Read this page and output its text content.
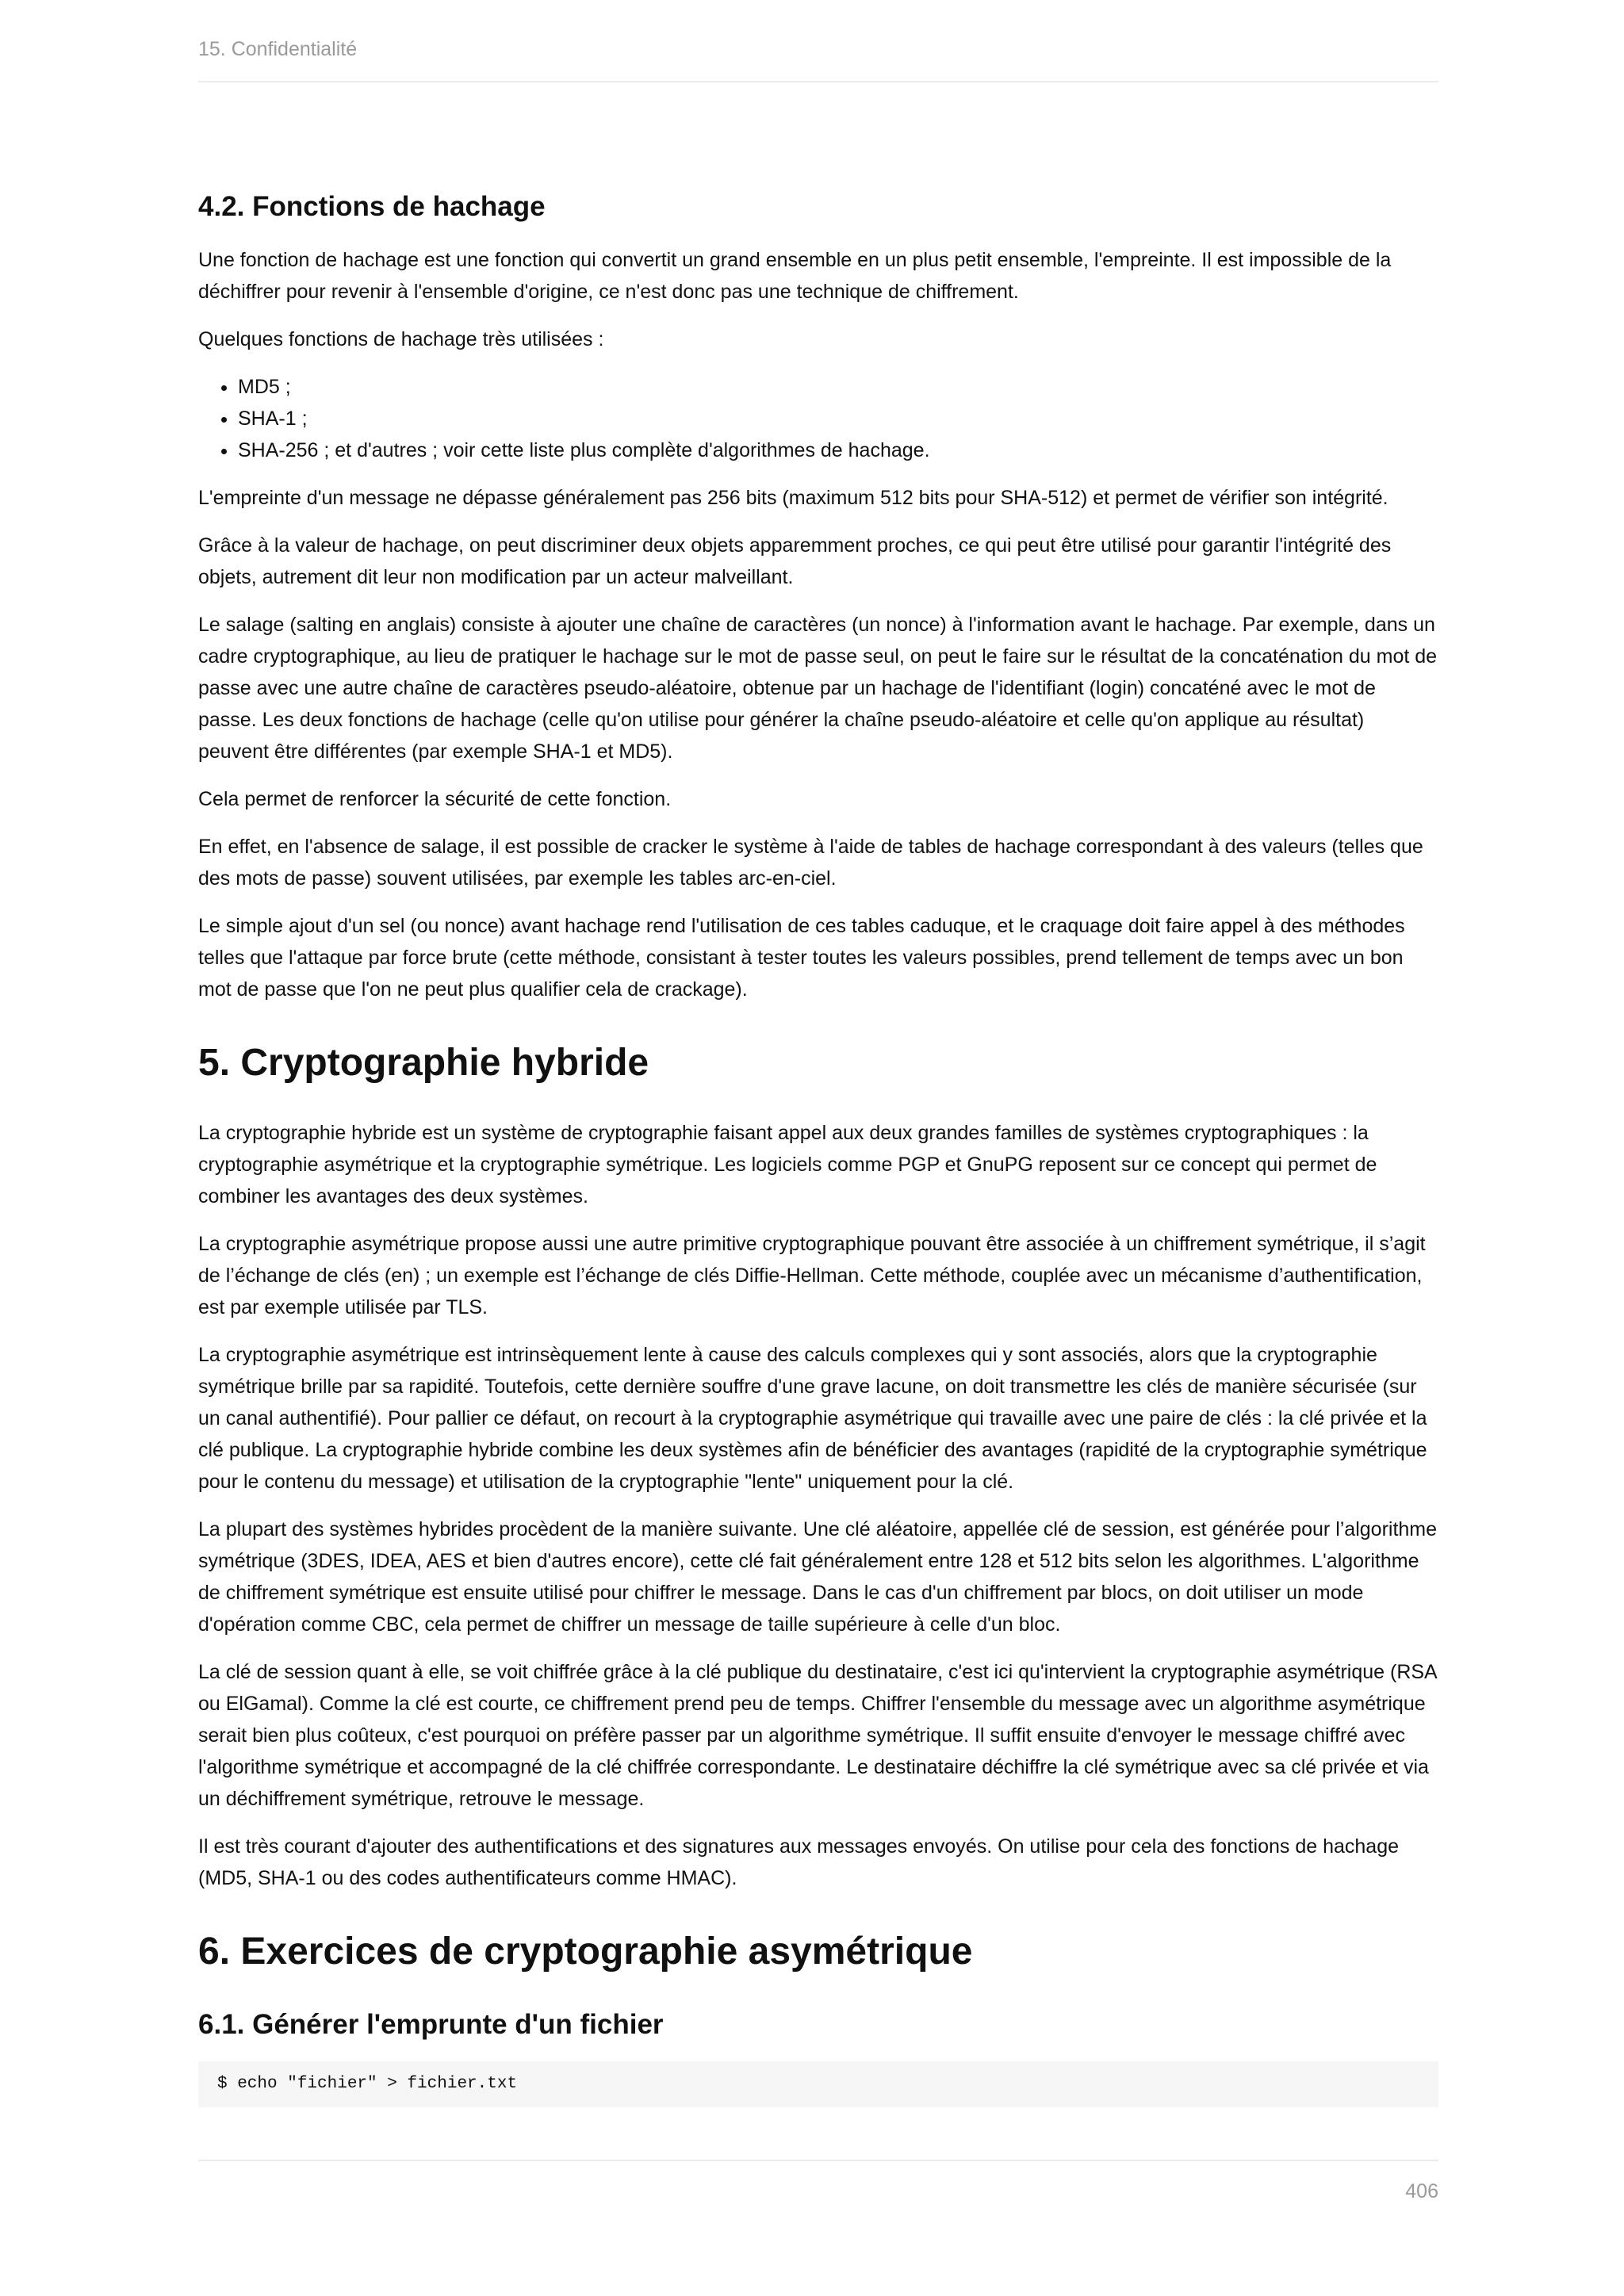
15. Confidentialité
4.2. Fonctions de hachage

Une fonction de hachage est une fonction qui convertit un grand ensemble en un plus petit ensemble, l'empreinte. Il est impossible de la déchiffrer pour revenir à l'ensemble d'origine, ce n'est donc pas une technique de chiffrement.

Quelques fonctions de hachage très utilisées :

• MD5 ;
• SHA-1 ;
• SHA-256 ; et d'autres ; voir cette liste plus complète d'algorithmes de hachage.

L'empreinte d'un message ne dépasse généralement pas 256 bits (maximum 512 bits pour SHA-512) et permet de vérifier son intégrité.

Grâce à la valeur de hachage, on peut discriminer deux objets apparemment proches, ce qui peut être utilisé pour garantir l'intégrité des objets, autrement dit leur non modification par un acteur malveillant.

Le salage (salting en anglais) consiste à ajouter une chaîne de caractères (un nonce) à l'information avant le hachage. Par exemple, dans un cadre cryptographique, au lieu de pratiquer le hachage sur le mot de passe seul, on peut le faire sur le résultat de la concaténation du mot de passe avec une autre chaîne de caractères pseudo-aléatoire, obtenue par un hachage de l'identifiant (login) concaténé avec le mot de passe. Les deux fonctions de hachage (celle qu'on utilise pour générer la chaîne pseudo-aléatoire et celle qu'on applique au résultat) peuvent être différentes (par exemple SHA-1 et MD5).

Cela permet de renforcer la sécurité de cette fonction.

En effet, en l'absence de salage, il est possible de cracker le système à l'aide de tables de hachage correspondant à des valeurs (telles que des mots de passe) souvent utilisées, par exemple les tables arc-en-ciel.

Le simple ajout d'un sel (ou nonce) avant hachage rend l'utilisation de ces tables caduque, et le craquage doit faire appel à des méthodes telles que l'attaque par force brute (cette méthode, consistant à tester toutes les valeurs possibles, prend tellement de temps avec un bon mot de passe que l'on ne peut plus qualifier cela de crackage).

5. Cryptographie hybride

La cryptographie hybride est un système de cryptographie faisant appel aux deux grandes familles de systèmes cryptographiques : la cryptographie asymétrique et la cryptographie symétrique. Les logiciels comme PGP et GnuPG reposent sur ce concept qui permet de combiner les avantages des deux systèmes.

La cryptographie asymétrique propose aussi une autre primitive cryptographique pouvant être associée à un chiffrement symétrique, il s’agit de l’échange de clés (en) ; un exemple est l’échange de clés Diffie-Hellman. Cette méthode, couplée avec un mécanisme d’authentification, est par exemple utilisée par TLS.

La cryptographie asymétrique est intrinsèquement lente à cause des calculs complexes qui y sont associés, alors que la cryptographie symétrique brille par sa rapidité. Toutefois, cette dernière souffre d'une grave lacune, on doit transmettre les clés de manière sécurisée (sur un canal authentifié). Pour pallier ce défaut, on recourt à la cryptographie asymétrique qui travaille avec une paire de clés : la clé privée et la clé publique. La cryptographie hybride combine les deux systèmes afin de bénéficier des avantages (rapidité de la cryptographie symétrique pour le contenu du message) et utilisation de la cryptographie "lente" uniquement pour la clé.

La plupart des systèmes hybrides procèdent de la manière suivante. Une clé aléatoire, appellée clé de session, est générée pour l’algorithme symétrique (3DES, IDEA, AES et bien d'autres encore), cette clé fait généralement entre 128 et 512 bits selon les algorithmes. L'algorithme de chiffrement symétrique est ensuite utilisé pour chiffrer le message. Dans le cas d'un chiffrement par blocs, on doit utiliser un mode d'opération comme CBC, cela permet de chiffrer un message de taille supérieure à celle d'un bloc.

La clé de session quant à elle, se voit chiffrée grâce à la clé publique du destinataire, c'est ici qu'intervient la cryptographie asymétrique (RSA ou ElGamal). Comme la clé est courte, ce chiffrement prend peu de temps. Chiffrer l'ensemble du message avec un algorithme asymétrique serait bien plus coûteux, c'est pourquoi on préfère passer par un algorithme symétrique. Il suffit ensuite d'envoyer le message chiffré avec l'algorithme symétrique et accompagné de la clé chiffrée correspondante. Le destinataire déchiffre la clé symétrique avec sa clé privée et via un déchiffrement symétrique, retrouve le message.

Il est très courant d'ajouter des authentifications et des signatures aux messages envoyés. On utilise pour cela des fonctions de hachage (MD5, SHA-1 ou des codes authentificateurs comme HMAC).

6. Exercices de cryptographie asymétrique
6.1. Générer l'emprunte d'un fichier
$ echo "fichier" > fichier.txt
406
